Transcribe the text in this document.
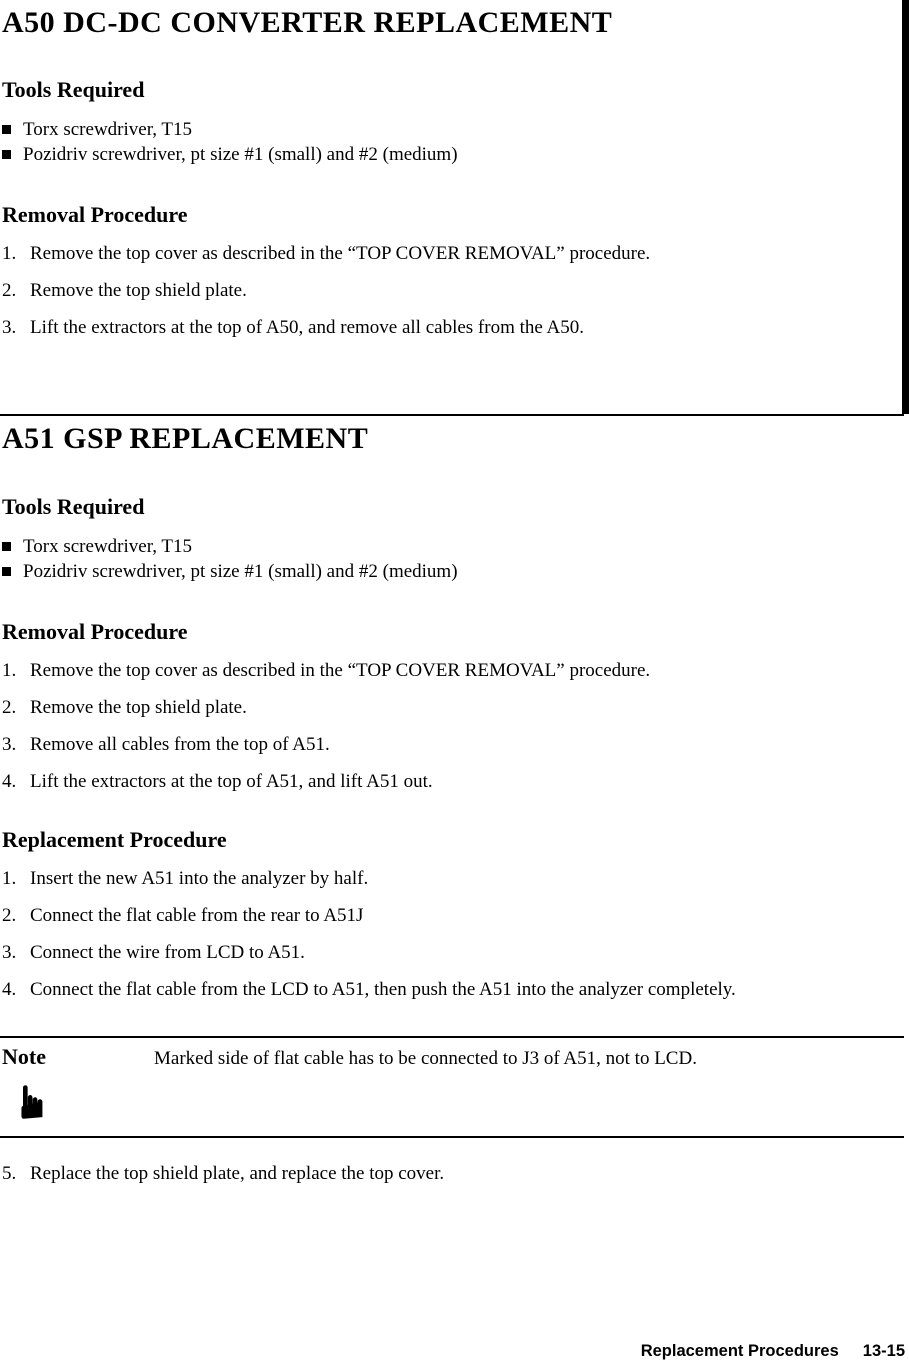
A50 DC-DC CONVERTER REPLACEMENT
Tools Required
Torx screwdriver, T15
Pozidriv screwdriver, pt size #1 (small) and #2 (medium)
Removal Procedure
1. Remove the top cover as described in the “TOP COVER REMOVAL” procedure.
2. Remove the top shield plate.
3. Lift the extractors at the top of A50, and remove all cables from the A50.
A51 GSP REPLACEMENT
Tools Required
Torx screwdriver, T15
Pozidriv screwdriver, pt size #1 (small) and #2 (medium)
Removal Procedure
1. Remove the top cover as described in the “TOP COVER REMOVAL” procedure.
2. Remove the top shield plate.
3. Remove all cables from the top of A51.
4. Lift the extractors at the top of A51, and lift A51 out.
Replacement Procedure
1. Insert the new A51 into the analyzer by half.
2. Connect the flat cable from the rear to A51J
3. Connect the wire from LCD to A51.
4. Connect the flat cable from the LCD to A51, then push the A51 into the analyzer completely.
Note	Marked side of flat cable has to be connected to J3 of A51, not to LCD.
☛
5. Replace the top shield plate, and replace the top cover.
Replacement Procedures 13-15
